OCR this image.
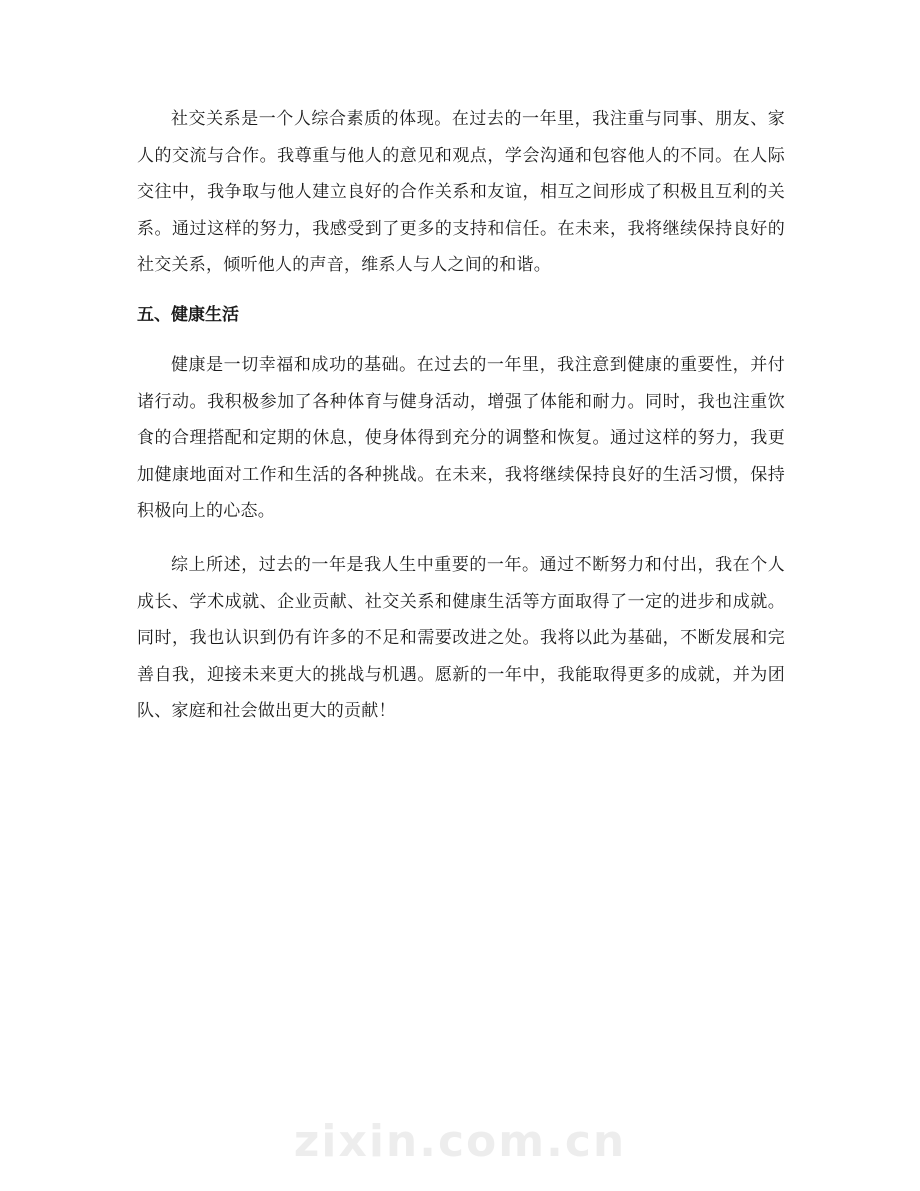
社交关系是一个人综合素质的体现。在过去的一年里，我注重与同事、朋友、家人的交流与合作。我尊重与他人的意见和观点，学会沟通和包容他人的不同。在人际交往中，我争取与他人建立良好的合作关系和友谊，相互之间形成了积极且互利的关系。通过这样的努力，我感受到了更多的支持和信任。在未来，我将继续保持良好的社交关系，倾听他人的声音，维系人与人之间的和谐。

五、健康生活

健康是一切幸福和成功的基础。在过去的一年里，我注意到健康的重要性，并付诸行动。我积极参加了各种体育与健身活动，增强了体能和耐力。同时，我也注重饮食的合理搭配和定期的休息，使身体得到充分的调整和恢复。通过这样的努力，我更加健康地面对工作和生活的各种挑战。在未来，我将继续保持良好的生活习惯，保持积极向上的心态。

综上所述，过去的一年是我人生中重要的一年。通过不断努力和付出，我在个人成长、学术成就、企业贡献、社交关系和健康生活等方面取得了一定的进步和成就。同时，我也认识到仍有许多的不足和需要改进之处。我将以此为基础，不断发展和完善自我，迎接未来更大的挑战与机遇。愿新的一年中，我能取得更多的成就，并为团队、家庭和社会做出更大的贡献！

zixin.com.cn
